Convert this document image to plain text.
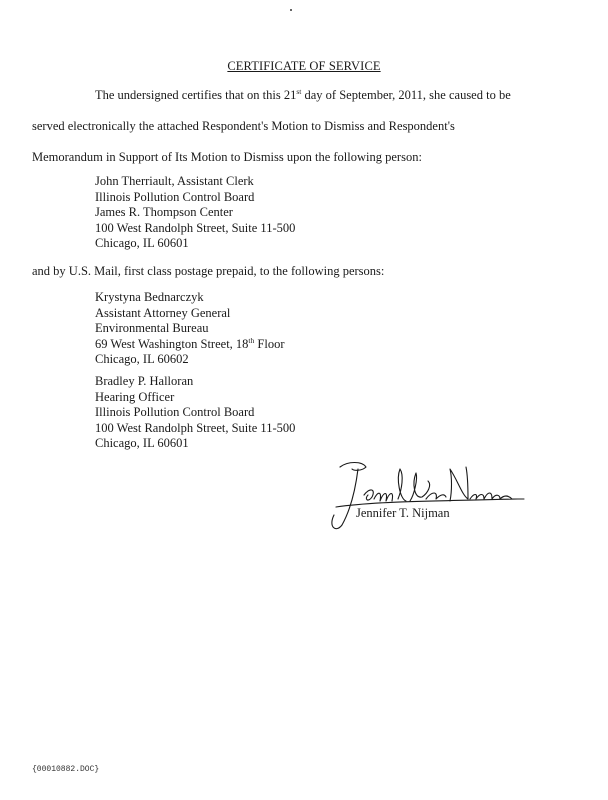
CERTIFICATE OF SERVICE
The undersigned certifies that on this 21st day of September, 2011, she caused to be
served electronically the attached Respondent's Motion to Dismiss and Respondent's
Memorandum in Support of Its Motion to Dismiss upon the following person:
John Therriault, Assistant Clerk
Illinois Pollution Control Board
James R. Thompson Center
100 West Randolph Street, Suite 11-500
Chicago, IL 60601
and by U.S. Mail, first class postage prepaid, to the following persons:
Krystyna Bednarczyk
Assistant Attorney General
Environmental Bureau
69 West Washington Street, 18th Floor
Chicago, IL 60602
Bradley P. Halloran
Hearing Officer
Illinois Pollution Control Board
100 West Randolph Street, Suite 11-500
Chicago, IL 60601
Jennifer T. Nijman
{00010882.DOC}
